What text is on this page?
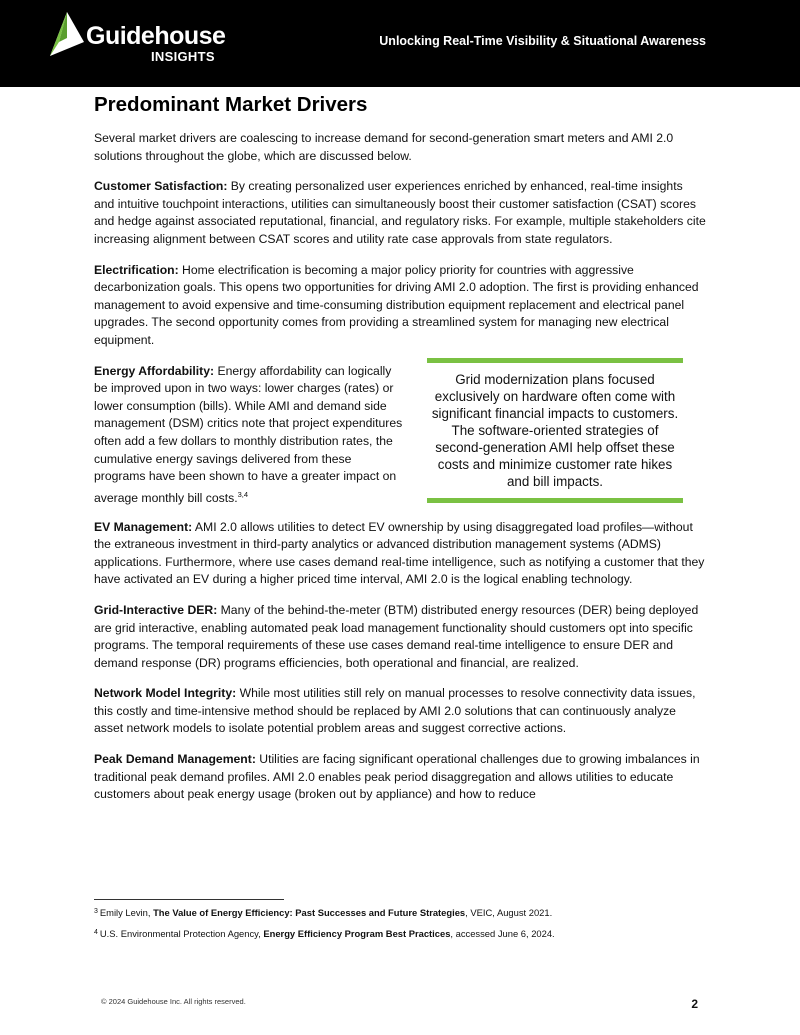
Guidehouse
INSIGHTS
Unlocking Real-Time Visibility & Situational Awareness
Predominant Market Drivers

Several market drivers are coalescing to increase demand for second-generation smart meters and AMI 2.0 solutions throughout the globe, which are discussed below.

Customer Satisfaction: By creating personalized user experiences enriched by enhanced, real-time insights and intuitive touchpoint interactions, utilities can simultaneously boost their customer satisfaction (CSAT) scores and hedge against associated reputational, financial, and regulatory risks. For example, multiple stakeholders cite increasing alignment between CSAT scores and utility rate case approvals from state regulators.

Electrification: Home electrification is becoming a major policy priority for countries with aggressive decarbonization goals. This opens two opportunities for driving AMI 2.0 adoption. The first is providing enhanced management to avoid expensive and time-consuming distribution equipment replacement and electrical panel upgrades. The second opportunity comes from providing a streamlined system for managing new electrical equipment.

Energy Affordability: Energy affordability can logically be improved upon in two ways: lower charges (rates) or lower consumption (bills). While AMI and demand side management (DSM) critics note that project expenditures often add a few dollars to monthly distribution rates, the cumulative energy savings delivered from these programs have been shown to have a greater impact on average monthly bill costs.$^{3,4}$

Grid modernization plans focused exclusively on hardware often come with significant financial impacts to customers. The software-oriented strategies of second-generation AMI help offset these costs and minimize customer rate hikes and bill impacts.

EV Management: AMI 2.0 allows utilities to detect EV ownership by using disaggregated load profiles—without the extraneous investment in third-party analytics or advanced distribution management systems (ADMS) applications. Furthermore, where use cases demand real-time intelligence, such as notifying a customer that they have activated an EV during a higher priced time interval, AMI 2.0 is the logical enabling technology.

Grid-Interactive DER: Many of the behind-the-meter (BTM) distributed energy resources (DER) being deployed are grid interactive, enabling automated peak load management functionality should customers opt into specific programs. The temporal requirements of these use cases demand real-time intelligence to ensure DER and demand response (DR) programs efficiencies, both operational and financial, are realized.

Network Model Integrity: While most utilities still rely on manual processes to resolve connectivity data issues, this costly and time-intensive method should be replaced by AMI 2.0 solutions that can continuously analyze asset network models to isolate potential problem areas and suggest corrective actions.

Peak Demand Management: Utilities are facing significant operational challenges due to growing imbalances in traditional peak demand profiles. AMI 2.0 enables peak period disaggregation and allows utilities to educate customers about peak energy usage (broken out by appliance) and how to reduce

$^3$ Emily Levin, The Value of Energy Efficiency: Past Successes and Future Strategies, VEIC, August 2021.
$^4$ U.S. Environmental Protection Agency, Energy Efficiency Program Best Practices, accessed June 6, 2024.
© 2024 Guidehouse Inc. All rights reserved.	2
